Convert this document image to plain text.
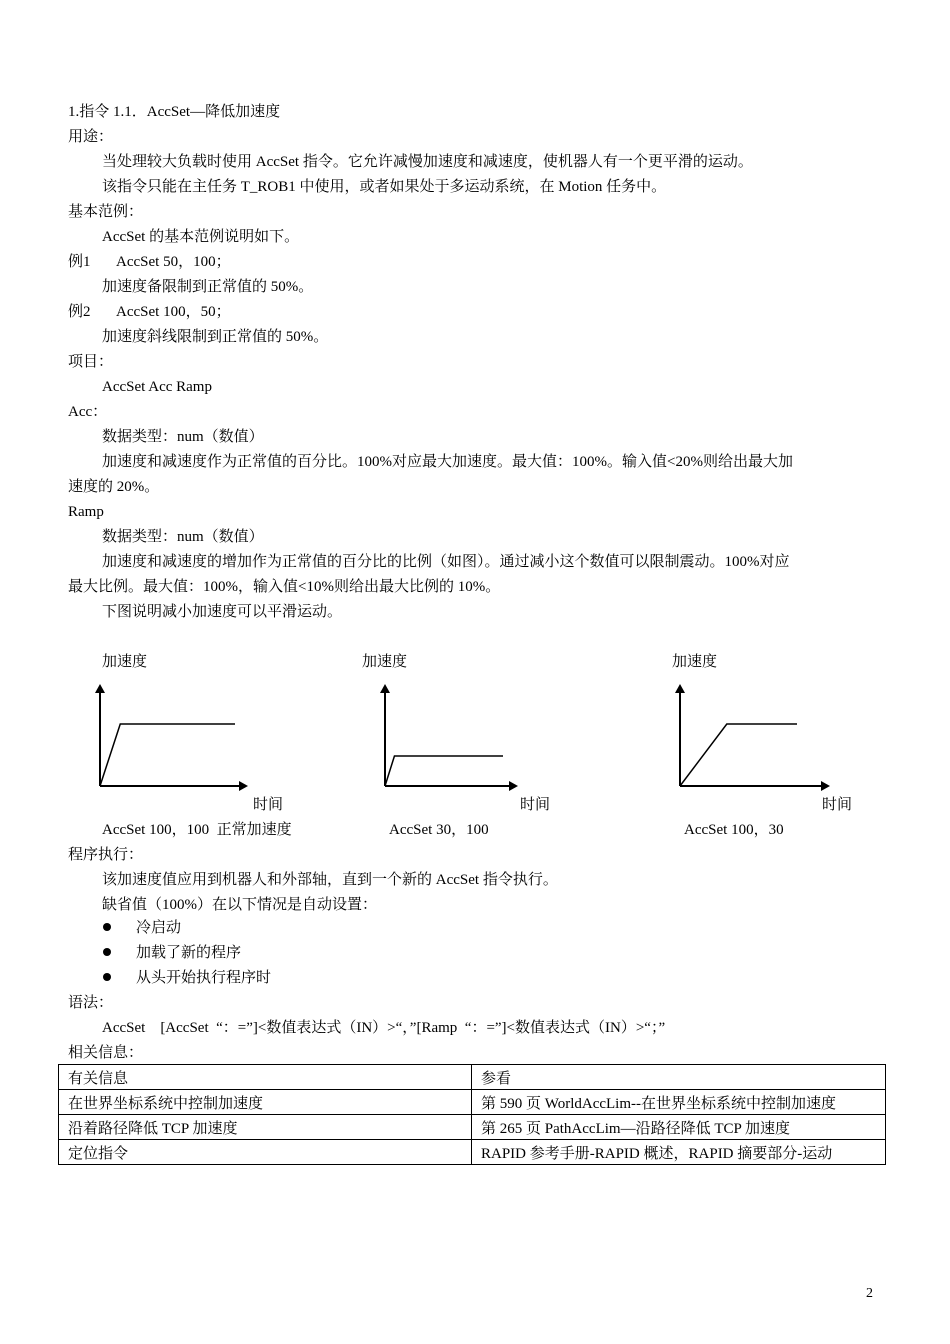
1.指令 1.1．AccSet—降低加速度
用途：
当处理较大负载时使用 AccSet 指令。它允许减慢加速度和减速度，使机器人有一个更平滑的运动。
该指令只能在主任务 T_ROB1 中使用，或者如果处于多运动系统，在 Motion 任务中。
基本范例：
AccSet 的基本范例说明如下。
例1 AccSet 50，100；
加速度备限制到正常值的 50%。
例2 AccSet 100，50；
加速度斜线限制到正常值的 50%。
项目：
AccSet Acc Ramp
Acc：
数据类型：num（数值）
加速度和减速度作为正常值的百分比。100%对应最大加速度。最大值：100%。输入值<20%则给出最大加
速度的 20%。
Ramp
数据类型：num（数值）
加速度和减速度的增加作为正常值的百分比的比例（如图）。通过减小这个数值可以限制震动。100%对应
最大比例。最大值：100%，输入值<10%则给出最大比例的 10%。
下图说明减小加速度可以平滑运动。
加速度
时间
AccSet 100，100  正常加速度
加速度
时间
AccSet 30，100
加速度
时间
AccSet 100，30
程序执行：
该加速度值应用到机器人和外部轴，直到一个新的 AccSet 指令执行。
缺省值（100%）在以下情况是自动设置：
冷启动
加载了新的程序
从头开始执行程序时
语法：
AccSet    [AccSet  “：=”]<数值表达式（IN）>“，”[Ramp  “：=”]<数值表达式（IN）>“；”
相关信息：
有关信息	参看
在世界坐标系统中控制加速度	第 590 页 WorldAccLim--在世界坐标系统中控制加速度
沿着路径降低 TCP 加速度	第 265 页 PathAccLim—沿路径降低 TCP 加速度
定位指令	RAPID 参考手册-RAPID 概述，RAPID 摘要部分-运动
2
